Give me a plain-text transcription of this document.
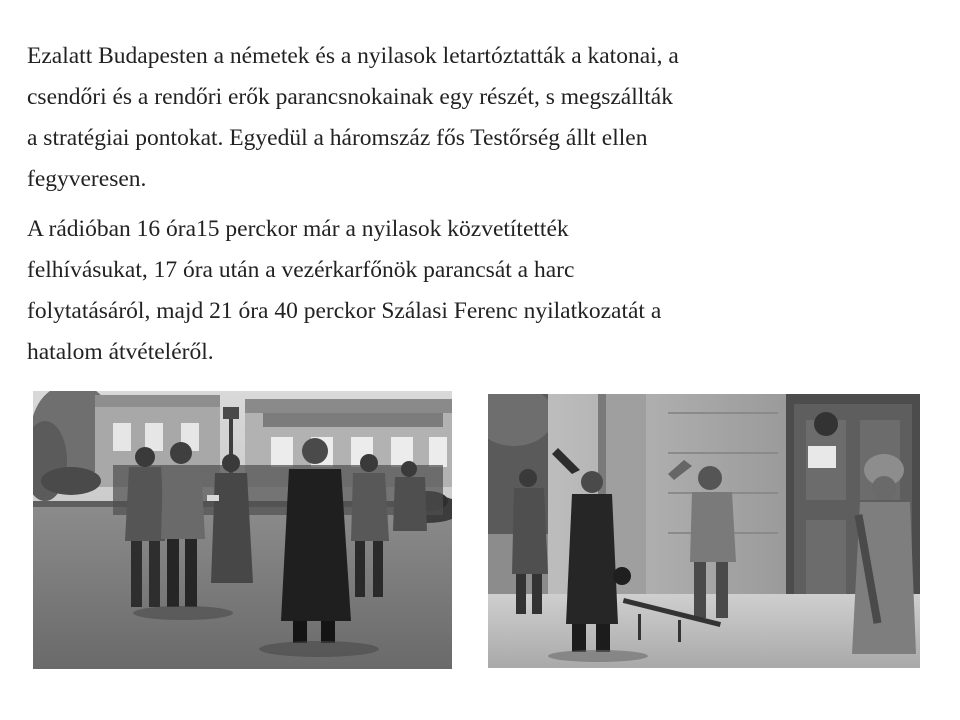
Ezalatt Budapesten a németek és a nyilasok letartóztatták a katonai, a
csendőri és a rendőri erők parancsnokainak egy részét, s megszállták
a stratégiai pontokat. Egyedül a háromszáz fős Testőrség állt ellen
fegyveresen.

A rádióban 16 óra15 perckor már a nyilasok közvetítették
felhívásukat, 17 óra után a vezérkarfőnök parancsát a harc
folytatásáról, majd 21 óra 40 perckor Szálasi Ferenc nyilatkozatát a
hatalom átvételéről.
